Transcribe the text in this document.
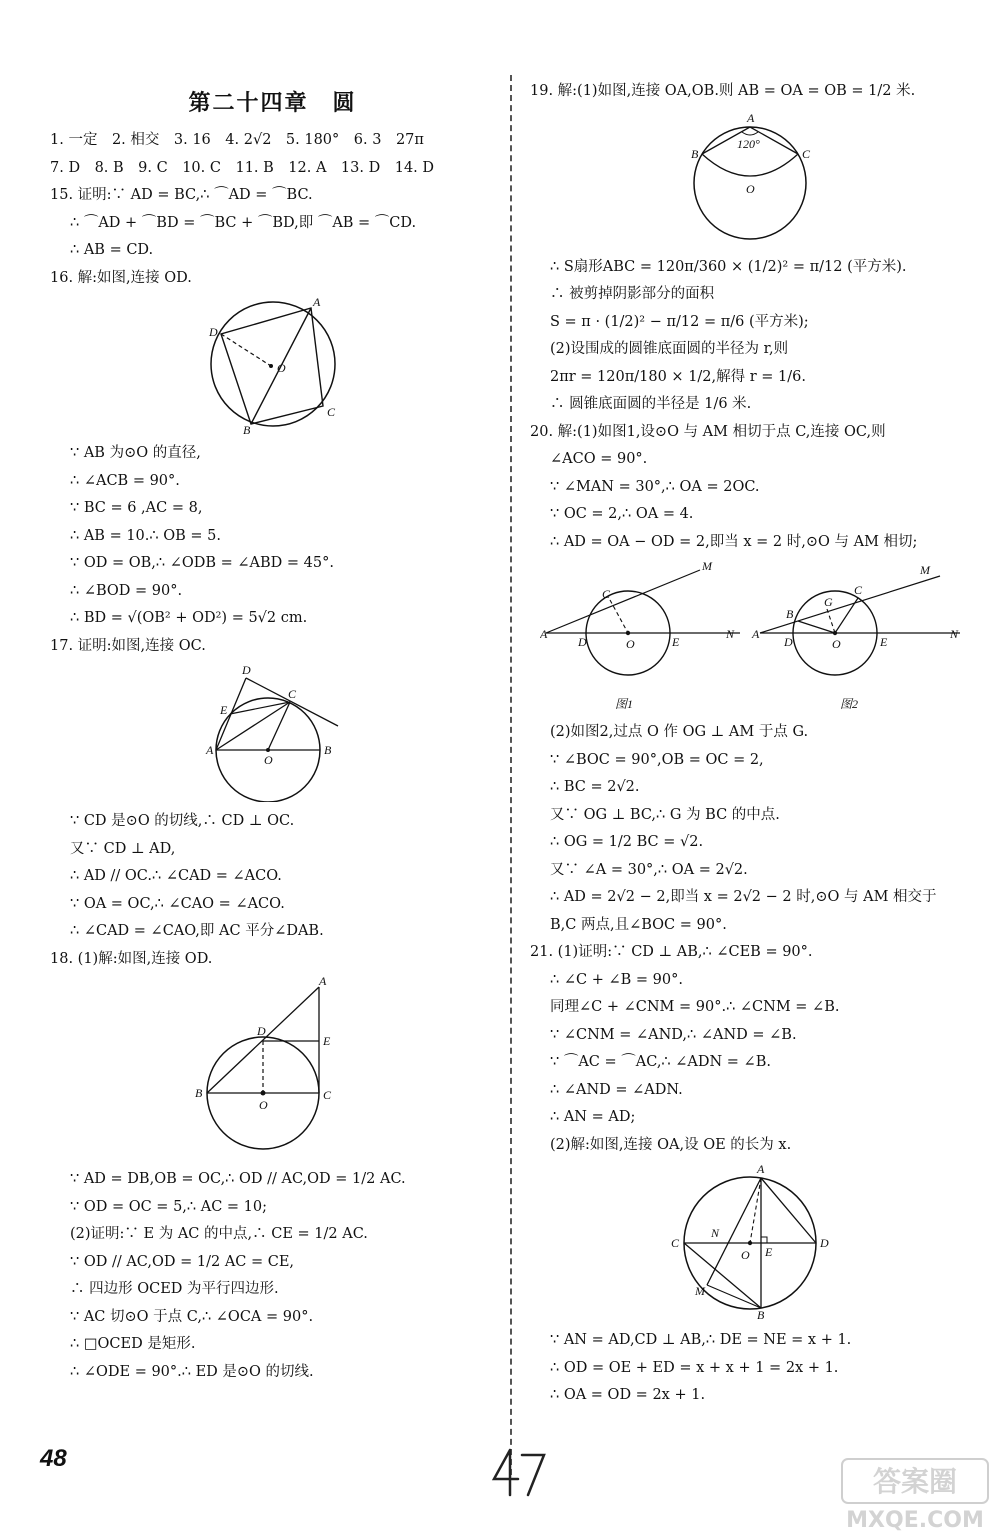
第二十四章　圆
1. 一定　2. 相交　3. 16　4. 2√2　5. 180°　6. 3　27π
7. D　8. B　9. C　10. C　11. B　12. A　13. D　14. D
15. 证明:∵ AD = BC,∴ ⌒AD = ⌒BC.
∴ ⌒AD + ⌒BD = ⌒BC + ⌒BD,即 ⌒AB = ⌒CD.
∴ AB = CD.
16. 解:如图,连接 OD.
A
B
C
D
O
∵ AB 为⊙O 的直径,
∴ ∠ACB = 90°.
∵ BC = 6 ,AC = 8,
∴ AB = 10.∴ OB = 5.
∵ OD = OB,∴ ∠ODB = ∠ABD = 45°.
∴ ∠BOD = 90°.
∴ BD = √(OB² + OD²) = 5√2 cm.
17. 证明:如图,连接 OC.
A	B
C
D
E
O
∵ CD 是⊙O 的切线,∴ CD ⊥ OC.
又∵ CD ⊥ AD,
∴ AD // OC.∴ ∠CAD = ∠ACO.
∵ OA = OC,∴ ∠CAO = ∠ACO.
∴ ∠CAD = ∠CAO,即 AC 平分∠DAB.
18. (1)解:如图,连接 OD.
A
B	C
D
E
O
∵ AD = DB,OB = OC,∴ OD // AC,OD = 1/2 AC.
∵ OD = OC = 5,∴ AC = 10;
(2)证明:∵ E 为 AC 的中点,∴ CE = 1/2 AC.
∵ OD // AC,OD = 1/2 AC = CE,
∴ 四边形 OCED 为平行四边形.
∵ AC 切⊙O 于点 C,∴ ∠OCA = 90°.
∴ □OCED 是矩形.
∴ ∠ODE = 90°.∴ ED 是⊙O 的切线.
19. 解:(1)如图,连接 OA,OB.则 AB = OA = OB = 1/2 米.
A
B	C
O
120°
∴ S扇形ABC = 120π/360 × (1/2)² = π/12 (平方米).
∴ 被剪掉阴影部分的面积
S = π · (1/2)² − π/12 = π/6 (平方米);
(2)设围成的圆锥底面圆的半径为 r,则
2πr = 120π/180 × 1/2,解得 r = 1/6.
∴ 圆锥底面圆的半径是 1/6 米.
20. 解:(1)如图1,设⊙O 与 AM 相切于点 C,连接 OC,则
∠ACO = 90°.
∵ ∠MAN = 30°,∴ OA = 2OC.
∵ OC = 2,∴ OA = 4.
∴ AD = OA − OD = 2,即当 x = 2 时,⊙O 与 AM 相切;
A
C
D	O	E
M
N
图1
A
B
C
D
G
O	E
M
N
图2
(2)如图2,过点 O 作 OG ⊥ AM 于点 G.
∵ ∠BOC = 90°,OB = OC = 2,
∴ BC = 2√2.
又∵ OG ⊥ BC,∴ G 为 BC 的中点.
∴ OG = 1/2 BC = √2.
又∵ ∠A = 30°,∴ OA = 2√2.
∴ AD = 2√2 − 2,即当 x = 2√2 − 2 时,⊙O 与 AM 相交于
B,C 两点,且∠BOC = 90°.
21. (1)证明:∵ CD ⊥ AB,∴ ∠CEB = 90°.
∴ ∠C + ∠B = 90°.
同理∠C + ∠CNM = 90°.∴ ∠CNM = ∠B.
∵ ∠CNM = ∠AND,∴ ∠AND = ∠B.
∵ ⌒AC = ⌒AC,∴ ∠ADN = ∠B.
∴ ∠AND = ∠ADN.
∴ AN = AD;
(2)解:如图,连接 OA,设 OE 的长为 x.
A
B
C	D
E
M
N
O
∵ AN = AD,CD ⊥ AB,∴ DE = NE = x + 1.
∴ OD = OE + ED = x + x + 1 = 2x + 1.
∴ OA = OD = 2x + 1.
48
答案圈
MXQE.COM
